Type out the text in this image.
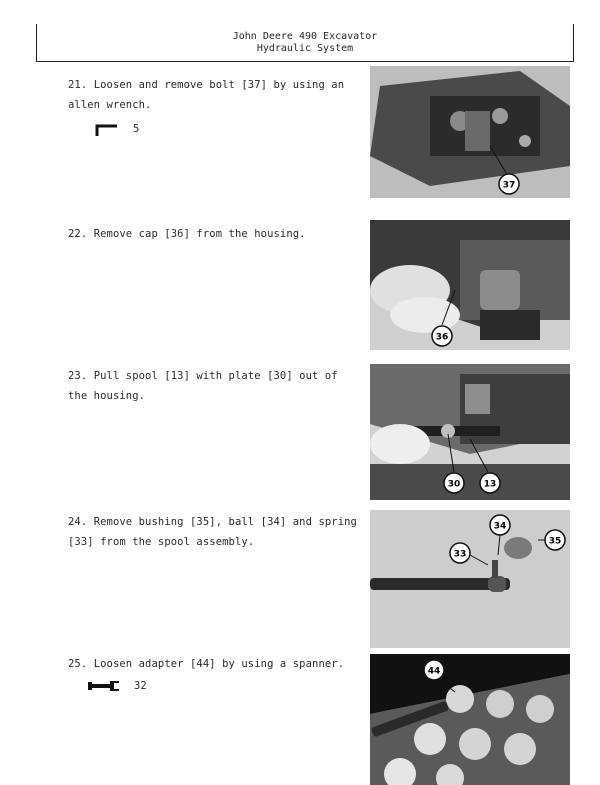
John Deere 490 Excavator
Hydraulic System
21. Loosen and remove bolt [37] by using an allen wrench.
5
37
22. Remove cap [36] from the housing.
36
23. Pull spool [13] with plate [30] out of the housing.
30	13
24. Remove bushing [35], ball [34] and spring [33] from the spool assembly.
34
35
33
25. Loosen adapter [44] by using a spanner.
32
44
